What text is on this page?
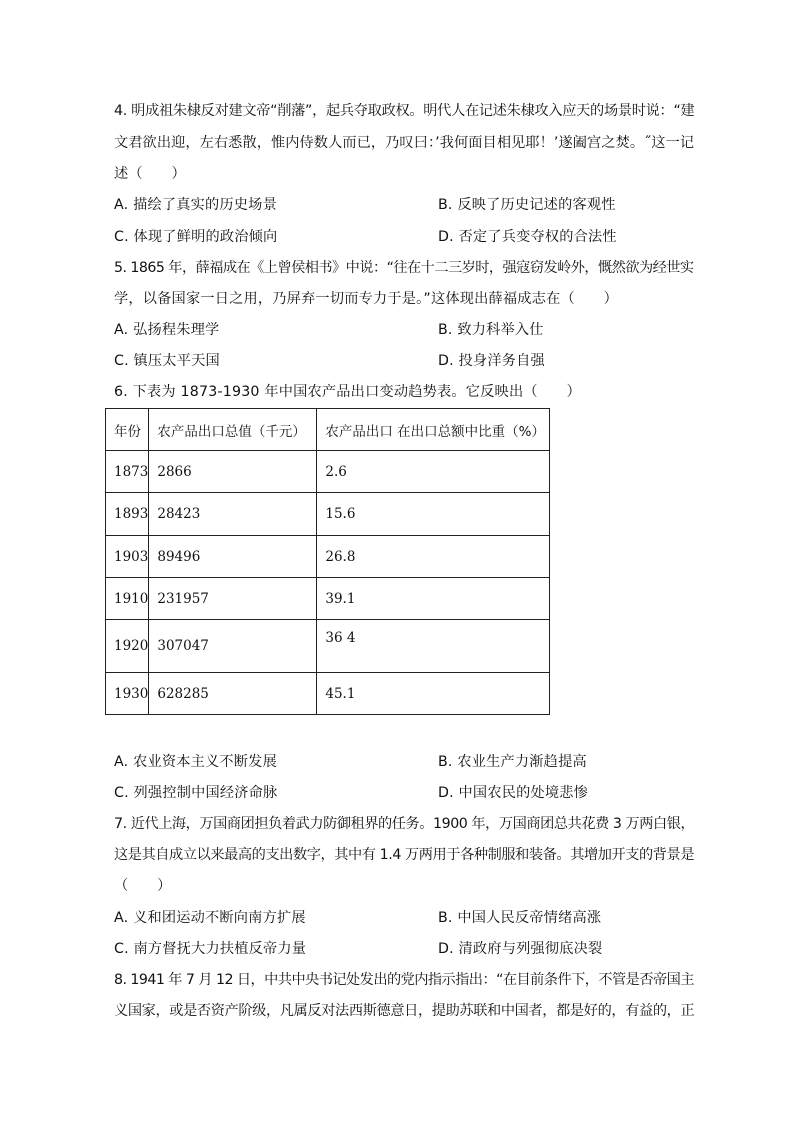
4. 明成祖朱棣反对建文帝“削藩”，起兵夺取政权。明代人在记述朱棣攻入应天的场景时说：“建
文君欲出迎，左右悉散，惟内侍数人而已，乃叹曰：’我何面目相见耶！’遂阖宫之焚。˝这一记
述（　　）
A. 描绘了真实的历史场景	B. 反映了历史记述的客观性
C. 体现了鲜明的政治倾向	D. 否定了兵变夺权的合法性
5. 1865 年，薛福成在《上曾侯相书》中说：“往在十二三岁时，强寇窃发岭外，慨然欲为经世实
学，以备国家一日之用，乃屏弃一切而专力于是。”这体现出薛福成志在（　　）
A. 弘扬程朱理学	B. 致力科举入仕
C. 镇压太平天国	D. 投身洋务自强
6. 下表为 1873-1930 年中国农产品出口变动趋势表。它反映出（　　）
年份	农产品出口总值（千元）	农产品出口 在出口总额中比重（%）
1873	2866	2.6
1893	28423	15.6
1903	89496	26.8
1910	231957	39.1
1920	307047	36 4
1930	628285	45.1
A. 农业资本主义不断发展	B. 农业生产力渐趋提高
C. 列强控制中国经济命脉	D. 中国农民的处境悲惨
7. 近代上海，万国商团担负着武力防御租界的任务。1900 年，万国商团总共花费 3 万两白银，
这是其自成立以来最高的支出数字，其中有 1.4 万两用于各种制服和装备。其增加开支的背景是
（　　）
A. 义和团运动不断向南方扩展	B. 中国人民反帝情绪高涨
C. 南方督抚大力扶植反帝力量	D. 清政府与列强彻底决裂
8. 1941 年 7 月 12 日，中共中央书记处发出的党内指示指出：“在目前条件下，不管是否帝国主
义国家，或是否资产阶级，凡属反对法西斯德意日，提助苏联和中国者，都是好的，有益的，正
